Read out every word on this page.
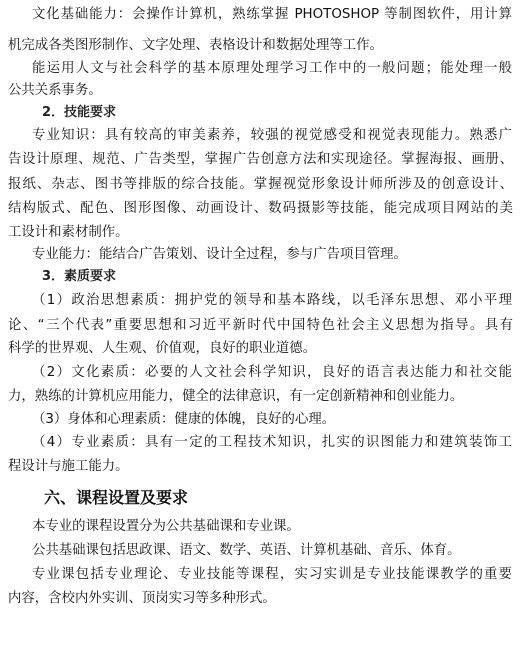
文化基础能力：会操作计算机，熟练掌握 PHOTOSHOP 等制图软件，用计算
机完成各类图形制作、文字处理、表格设计和数据处理等工作。
能运用人文与社会科学的基本原理处理学习工作中的一般问题；能处理一般
公共关系事务。
2．技能要求
专业知识：具有较高的审美素养，较强的视觉感受和视觉表现能力。熟悉广
告设计原理、规范、广告类型，掌握广告创意方法和实现途径。掌握海报、画册、
报纸、杂志、图书等排版的综合技能。掌握视觉形象设计师所涉及的创意设计、
结构版式、配色、图形图像、动画设计、数码摄影等技能，能完成项目网站的美
工设计和素材制作。
专业能力：能结合广告策划、设计全过程，参与广告项目管理。
3．素质要求
（1）政治思想素质：拥护党的领导和基本路线，以毛泽东思想、邓小平理
论、“三个代表”重要思想和习近平新时代中国特色社会主义思想为指导。具有
科学的世界观、人生观、价值观，良好的职业道德。
（2）文化素质：必要的人文社会科学知识，良好的语言表达能力和社交能
力，熟练的计算机应用能力，健全的法律意识，有一定创新精神和创业能力。
（3）身体和心理素质：健康的体魄，良好的心理。
（4）专业素质：具有一定的工程技术知识，扎实的识图能力和建筑装饰工
程设计与施工能力。
六、课程设置及要求
本专业的课程设置分为公共基础课和专业课。
公共基础课包括思政课、语文、数学、英语、计算机基础、音乐、体育。
专业课包括专业理论、专业技能等课程，实习实训是专业技能课教学的重要
内容，含校内外实训、顶岗实习等多种形式。
